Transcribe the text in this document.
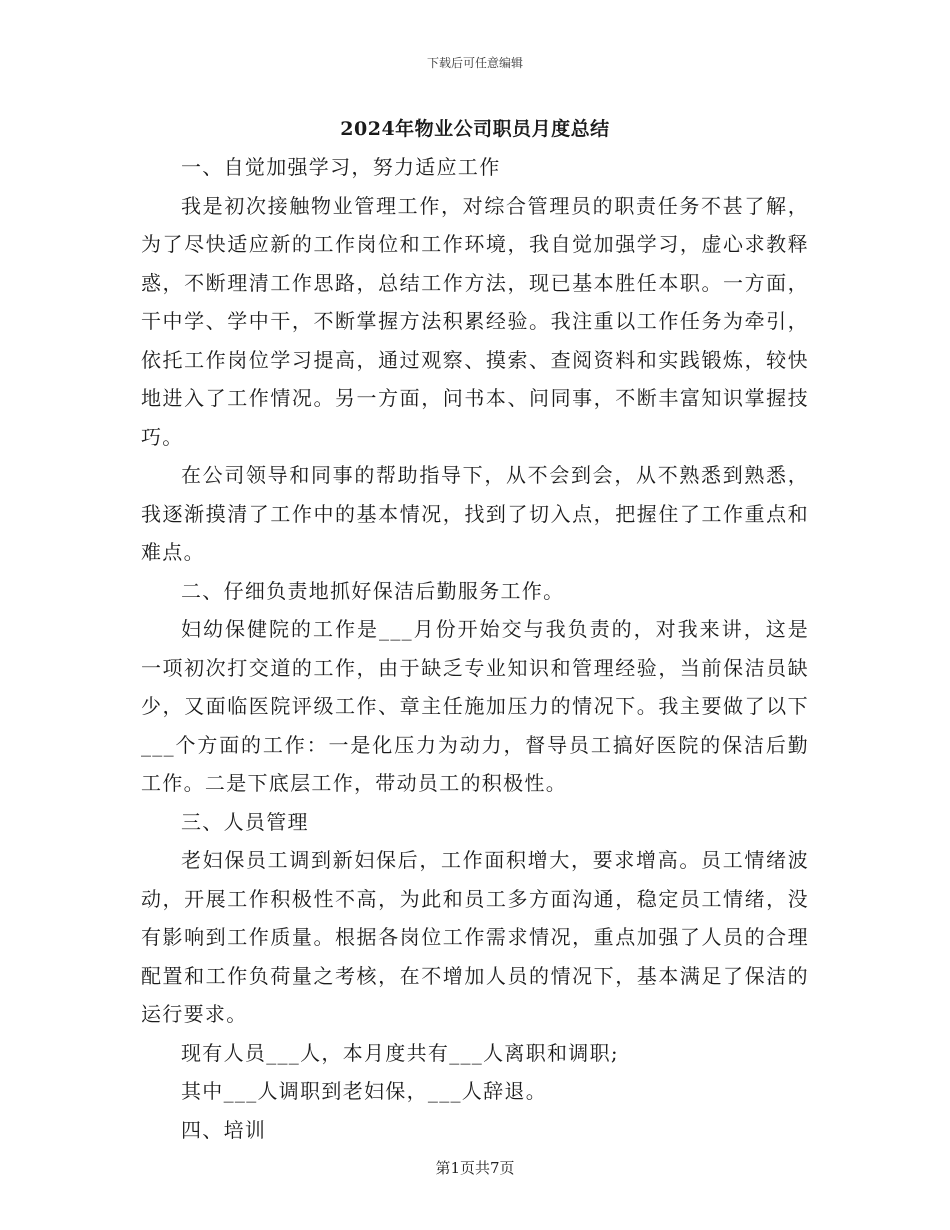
下载后可任意编辑
2024年物业公司职员月度总结

一、自觉加强学习，努力适应工作

我是初次接触物业管理工作，对综合管理员的职责任务不甚了解，为了尽快适应新的工作岗位和工作环境，我自觉加强学习，虚心求教释惑，不断理清工作思路，总结工作方法，现已基本胜任本职。一方面，干中学、学中干，不断掌握方法积累经验。我注重以工作任务为牵引，依托工作岗位学习提高，通过观察、摸索、查阅资料和实践锻炼，较快地进入了工作情况。另一方面，问书本、问同事，不断丰富知识掌握技巧。

在公司领导和同事的帮助指导下，从不会到会，从不熟悉到熟悉，我逐渐摸清了工作中的基本情况，找到了切入点，把握住了工作重点和难点。

二、仔细负责地抓好保洁后勤服务工作。

妇幼保健院的工作是___月份开始交与我负责的，对我来讲，这是一项初次打交道的工作，由于缺乏专业知识和管理经验，当前保洁员缺少，又面临医院评级工作、章主任施加压力的情况下。我主要做了以下___个方面的工作：一是化压力为动力，督导员工搞好医院的保洁后勤工作。二是下底层工作，带动员工的积极性。

三、人员管理

老妇保员工调到新妇保后，工作面积增大，要求增高。员工情绪波动，开展工作积极性不高，为此和员工多方面沟通，稳定员工情绪，没有影响到工作质量。根据各岗位工作需求情况，重点加强了人员的合理配置和工作负荷量之考核，在不增加人员的情况下，基本满足了保洁的运行要求。

现有人员___人，本月度共有___人离职和调职;

其中___人调职到老妇保，___人辞退。

四、培训

第1页共7页
